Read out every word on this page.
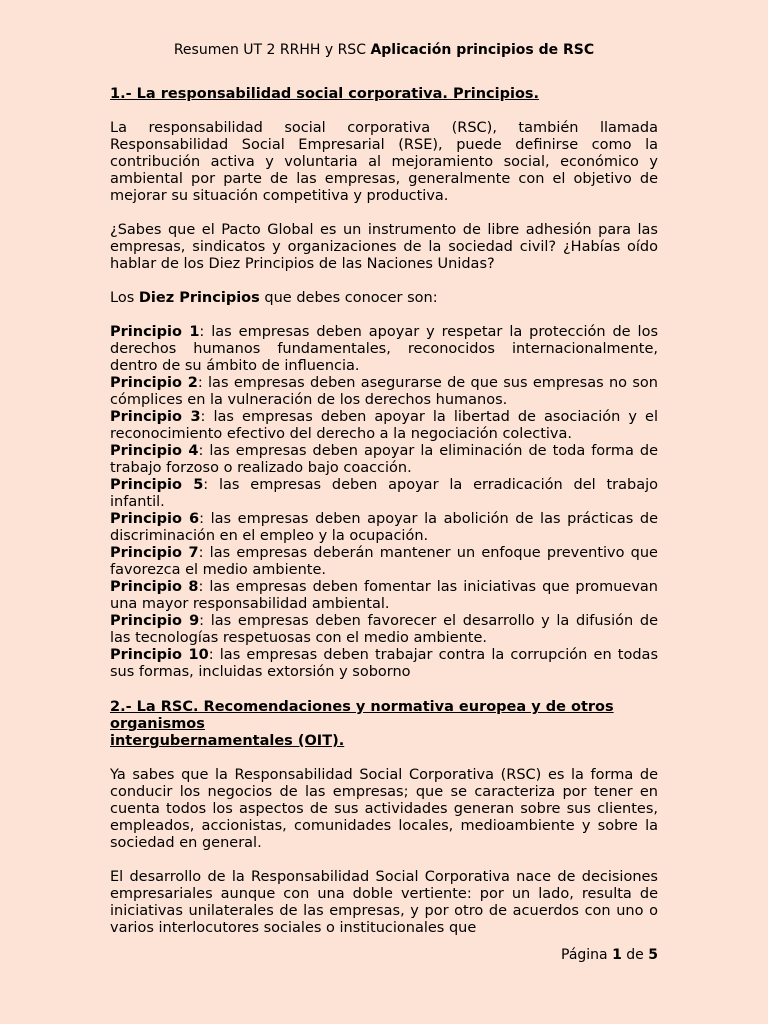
Resumen UT 2 RRHH y RSC Aplicación principios de RSC

1.- La responsabilidad social corporativa. Principios.

La responsabilidad social corporativa (RSC), también llamada Responsabilidad Social Empresarial (RSE), puede definirse como la contribución activa y voluntaria al mejoramiento social, económico y ambiental por parte de las empresas, generalmente con el objetivo de mejorar su situación competitiva y productiva.

¿Sabes que el Pacto Global es un instrumento de libre adhesión para las empresas, sindicatos y organizaciones de la sociedad civil? ¿Habías oído hablar de los Diez Principios de las Naciones Unidas?

Los Diez Principios que debes conocer son:

Principio 1: las empresas deben apoyar y respetar la protección de los derechos humanos fundamentales, reconocidos internacionalmente, dentro de su ámbito de influencia.

Principio 2: las empresas deben asegurarse de que sus empresas no son cómplices en la vulneración de los derechos humanos.

Principio 3: las empresas deben apoyar la libertad de asociación y el reconocimiento efectivo del derecho a la negociación colectiva.

Principio 4: las empresas deben apoyar la eliminación de toda forma de trabajo forzoso o realizado bajo coacción.

Principio 5: las empresas deben apoyar la erradicación del trabajo infantil.

Principio 6: las empresas deben apoyar la abolición de las prácticas de discriminación en el empleo y la ocupación.

Principio 7: las empresas deberán mantener un enfoque preventivo que favorezca el medio ambiente.

Principio 8: las empresas deben fomentar las iniciativas que promuevan una mayor responsabilidad ambiental.

Principio 9: las empresas deben favorecer el desarrollo y la difusión de las tecnologías respetuosas con el medio ambiente.

Principio 10: las empresas deben trabajar contra la corrupción en todas sus formas, incluidas extorsión y soborno

2.- La RSC. Recomendaciones y normativa europea y de otros organismos
intergubernamentales (OIT).

Ya sabes que la Responsabilidad Social Corporativa (RSC) es la forma de conducir los negocios de las empresas; que se caracteriza por tener en cuenta todos los aspectos de sus actividades generan sobre sus clientes, empleados, accionistas, comunidades locales, medioambiente y sobre la sociedad en general.

El desarrollo de la Responsabilidad Social Corporativa nace de decisiones empresariales aunque con una doble vertiente: por un lado, resulta de iniciativas unilaterales de las empresas, y por otro de acuerdos con uno o varios interlocutores sociales o institucionales que

Página 1 de 5
